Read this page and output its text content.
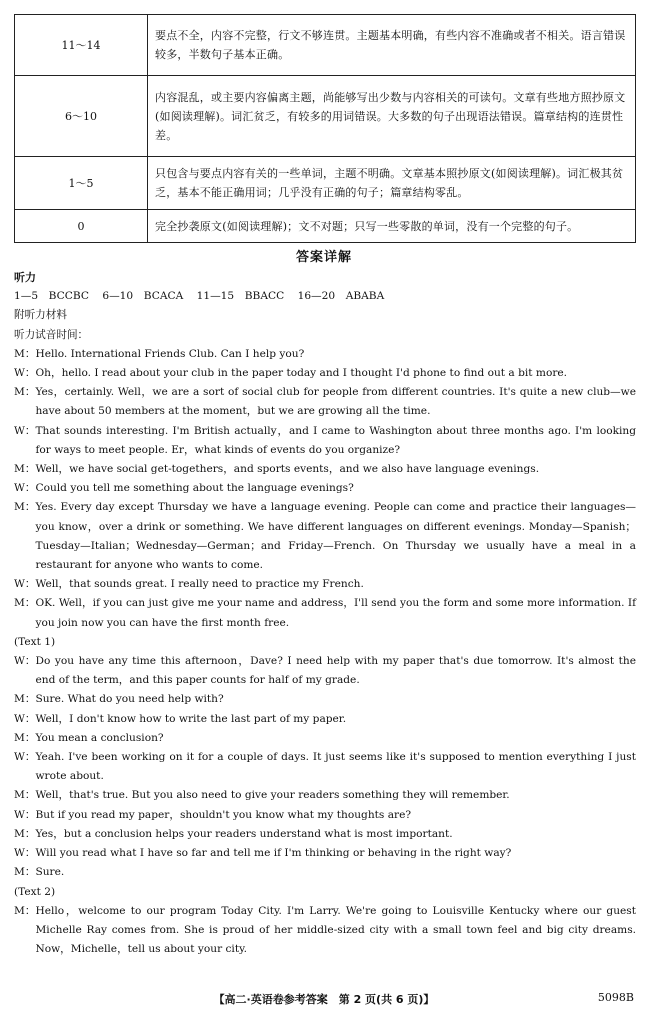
11～14	要点不全，内容不完整，行文不够连贯。主题基本明确，有些内容不准确或者不相关。语言错误较多，半数句子基本正确。
6～10	内容混乱，或主要内容偏离主题，尚能够写出少数与内容相关的可读句。文章有些地方照抄原文(如阅读理解)。词汇贫乏，有较多的用词错误。大多数的句子出现语法错误。篇章结构的连贯性差。
1～5	只包含与要点内容有关的一些单词，主题不明确。文章基本照抄原文(如阅读理解)。词汇极其贫乏，基本不能正确用词；几乎没有正确的句子；篇章结构零乱。
0	完全抄袭原文(如阅读理解)；文不对题；只写一些零散的单词，没有一个完整的句子。
答案详解
听力
1—5　BCCBC 6—10　BCACA 11—15　BBACC 16—20　ABABA
附听力材料
听力试音时间：
M： Hello. International Friends Club. Can I help you?
W： Oh，hello. I read about your club in the paper today and I thought I'd phone to find out a bit more.
M： Yes，certainly. Well，we are a sort of social club for people from different countries. It's quite a new club—we have about 50 members at the moment，but we are growing all the time.
W： That sounds interesting. I'm British actually，and I came to Washington about three months ago. I'm looking for ways to meet people. Er，what kinds of events do you organize?
M： Well，we have social get-togethers，and sports events，and we also have language evenings.
W： Could you tell me something about the language evenings?
M： Yes. Every day except Thursday we have a language evening. People can come and practice their languages—you know，over a drink or something. We have different languages on different evenings. Monday—Spanish；Tuesday—Italian；Wednesday—German；and Friday—French. On Thursday we usually have a meal in a restaurant for anyone who wants to come.
W： Well，that sounds great. I really need to practice my French.
M： OK. Well，if you can just give me your name and address，I'll send you the form and some more information. If you join now you can have the first month free.
(Text 1)
W： Do you have any time this afternoon，Dave? I need help with my paper that's due tomorrow. It's almost the end of the term，and this paper counts for half of my grade.
M： Sure. What do you need help with?
W： Well，I don't know how to write the last part of my paper.
M： You mean a conclusion?
W： Yeah. I've been working on it for a couple of days. It just seems like it's supposed to mention everything I just wrote about.
M： Well，that's true. But you also need to give your readers something they will remember.
W： But if you read my paper，shouldn't you know what my thoughts are?
M： Yes，but a conclusion helps your readers understand what is most important.
W： Will you read what I have so far and tell me if I'm thinking or behaving in the right way?
M： Sure.
(Text 2)
M： Hello，welcome to our program Today City. I'm Larry. We're going to Louisville Kentucky where our guest Michelle Ray comes from. She is proud of her middle-sized city with a small town feel and big city dreams. Now，Michelle，tell us about your city.
【高二·英语卷参考答案　第 2 页(共 6 页)】	5098B
